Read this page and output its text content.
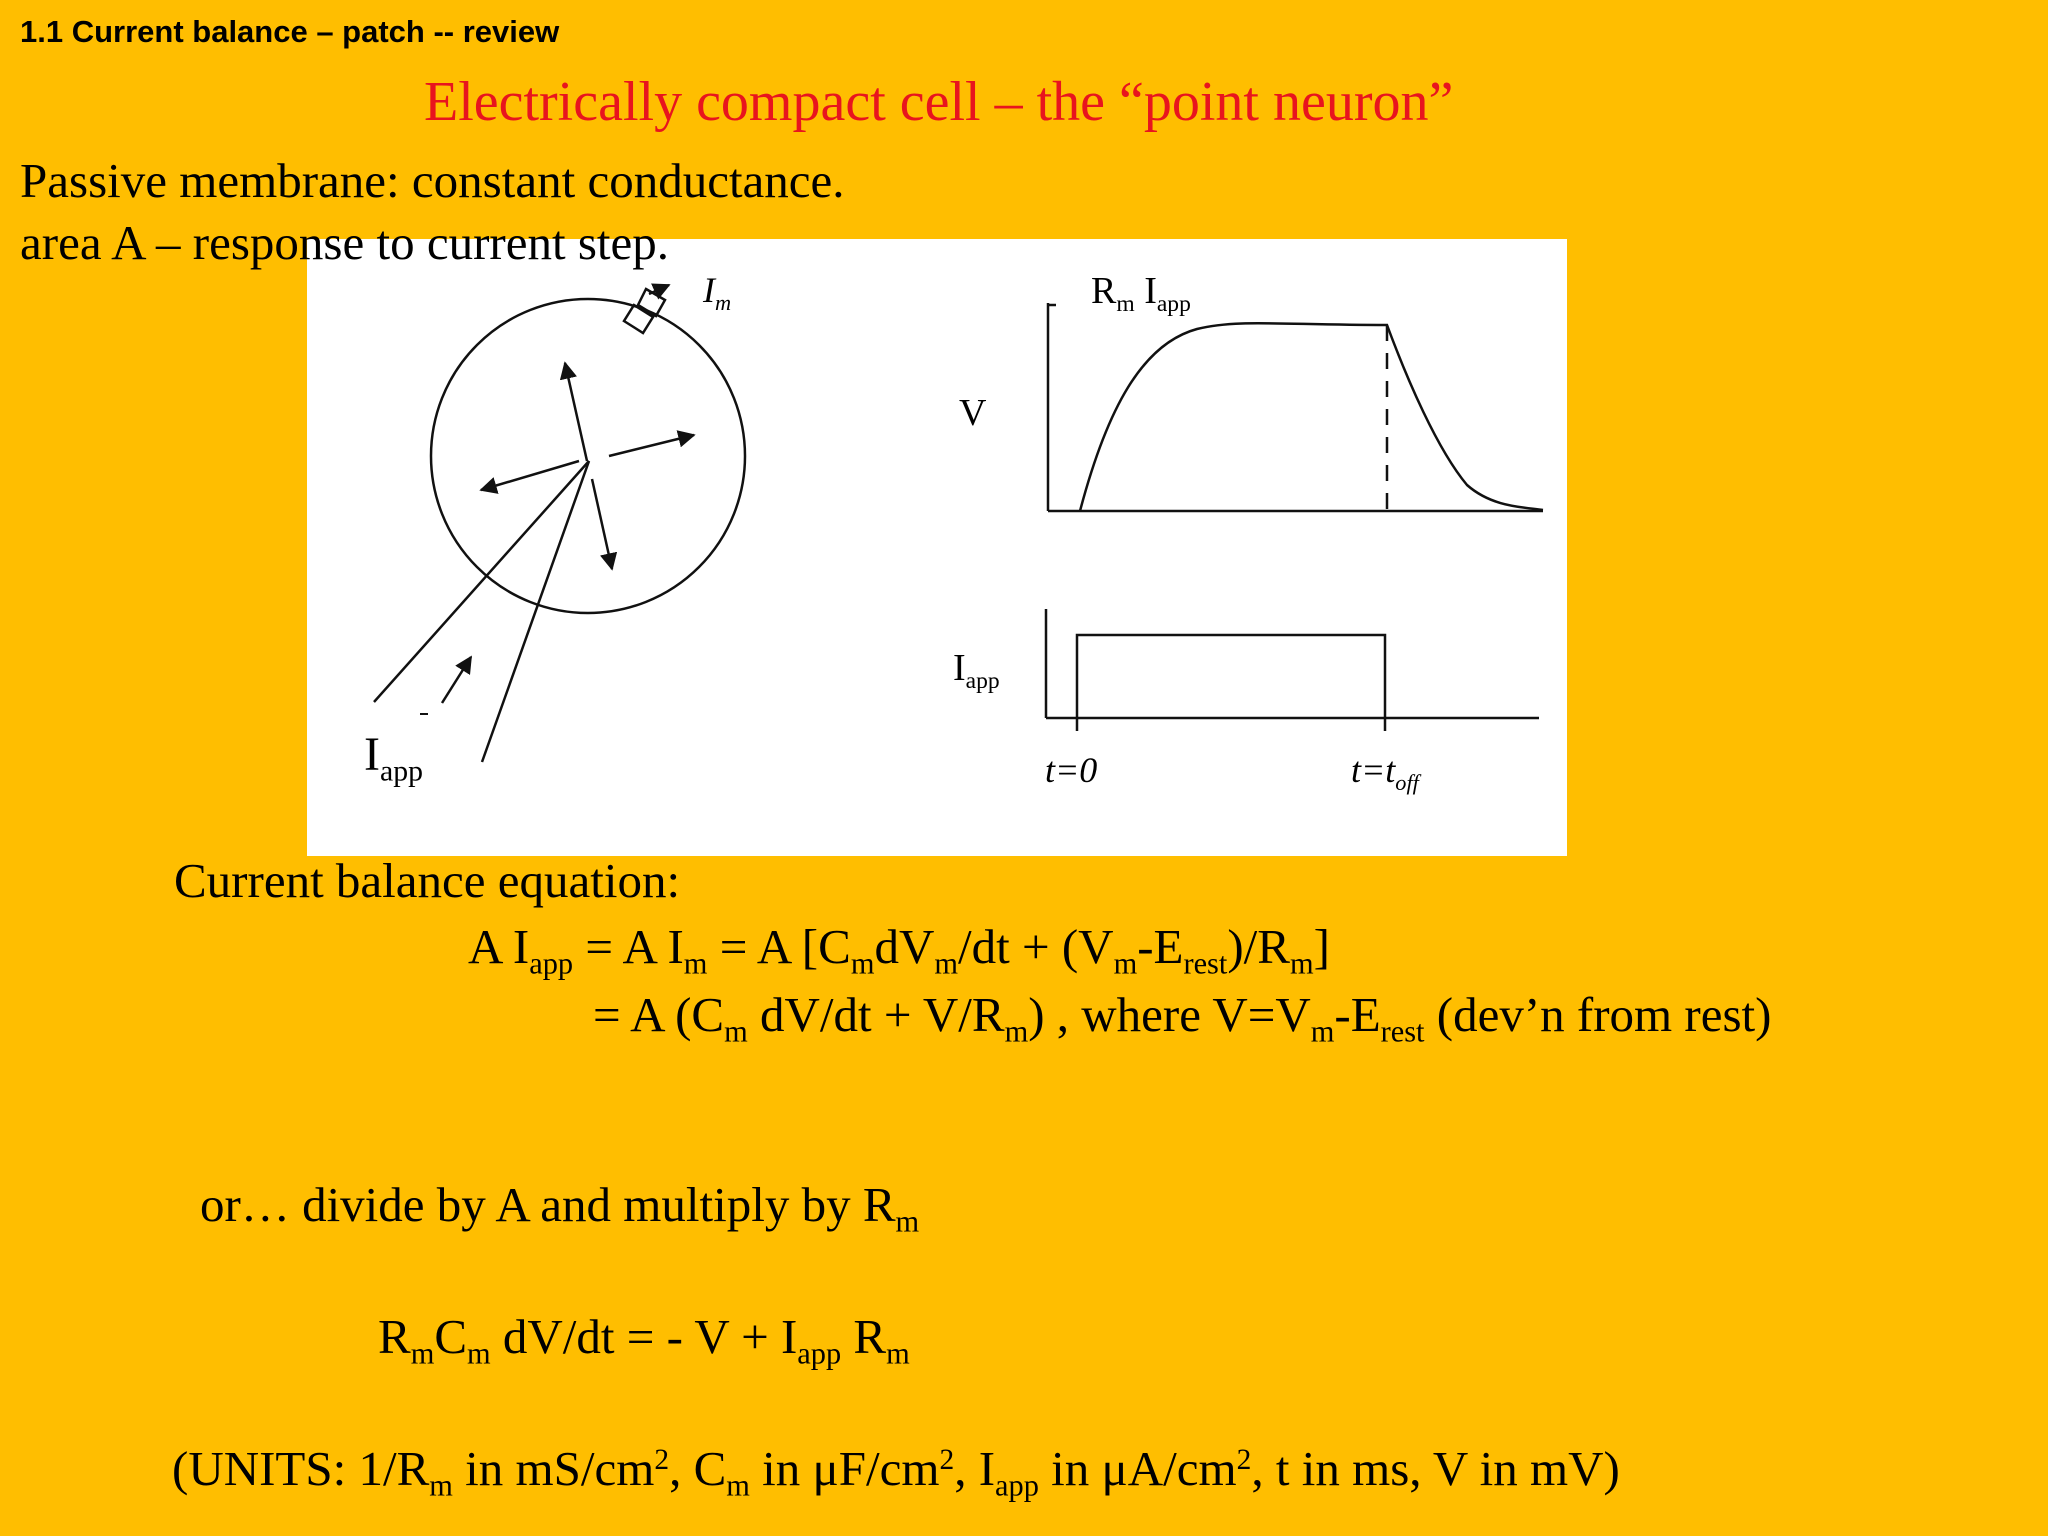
1.1 Current balance – patch -- review
Electrically compact cell – the “point neuron”
Passive membrane: constant conductance.
$I_m$
$I_{app}$
$R_m$ $I_{app}$
V
$I_{app}$
t=0	$t=t_{off}$
area A – response to current step.
Current balance equation:
A $I_{app} = A$ $I_m = A$ $[C_mdV_m/dt + (V_m-E_{rest})/R_m]$
= A ($C_m$ $dV/dt + V/R_m$) , where $V=V_m-E_{rest}$ (dev’n from rest)
or… divide by A and multiply by $R_m$
$R_mC_m$ dV/dt = - $V + I_{app}$ $R_m$
(UNITS: $1/R_m$ in $mS/cm^2$, $C_m$ in $\mu F/cm^2$, $I_{app}$ in $\mu A/cm^2$, t in ms, V in mV)
